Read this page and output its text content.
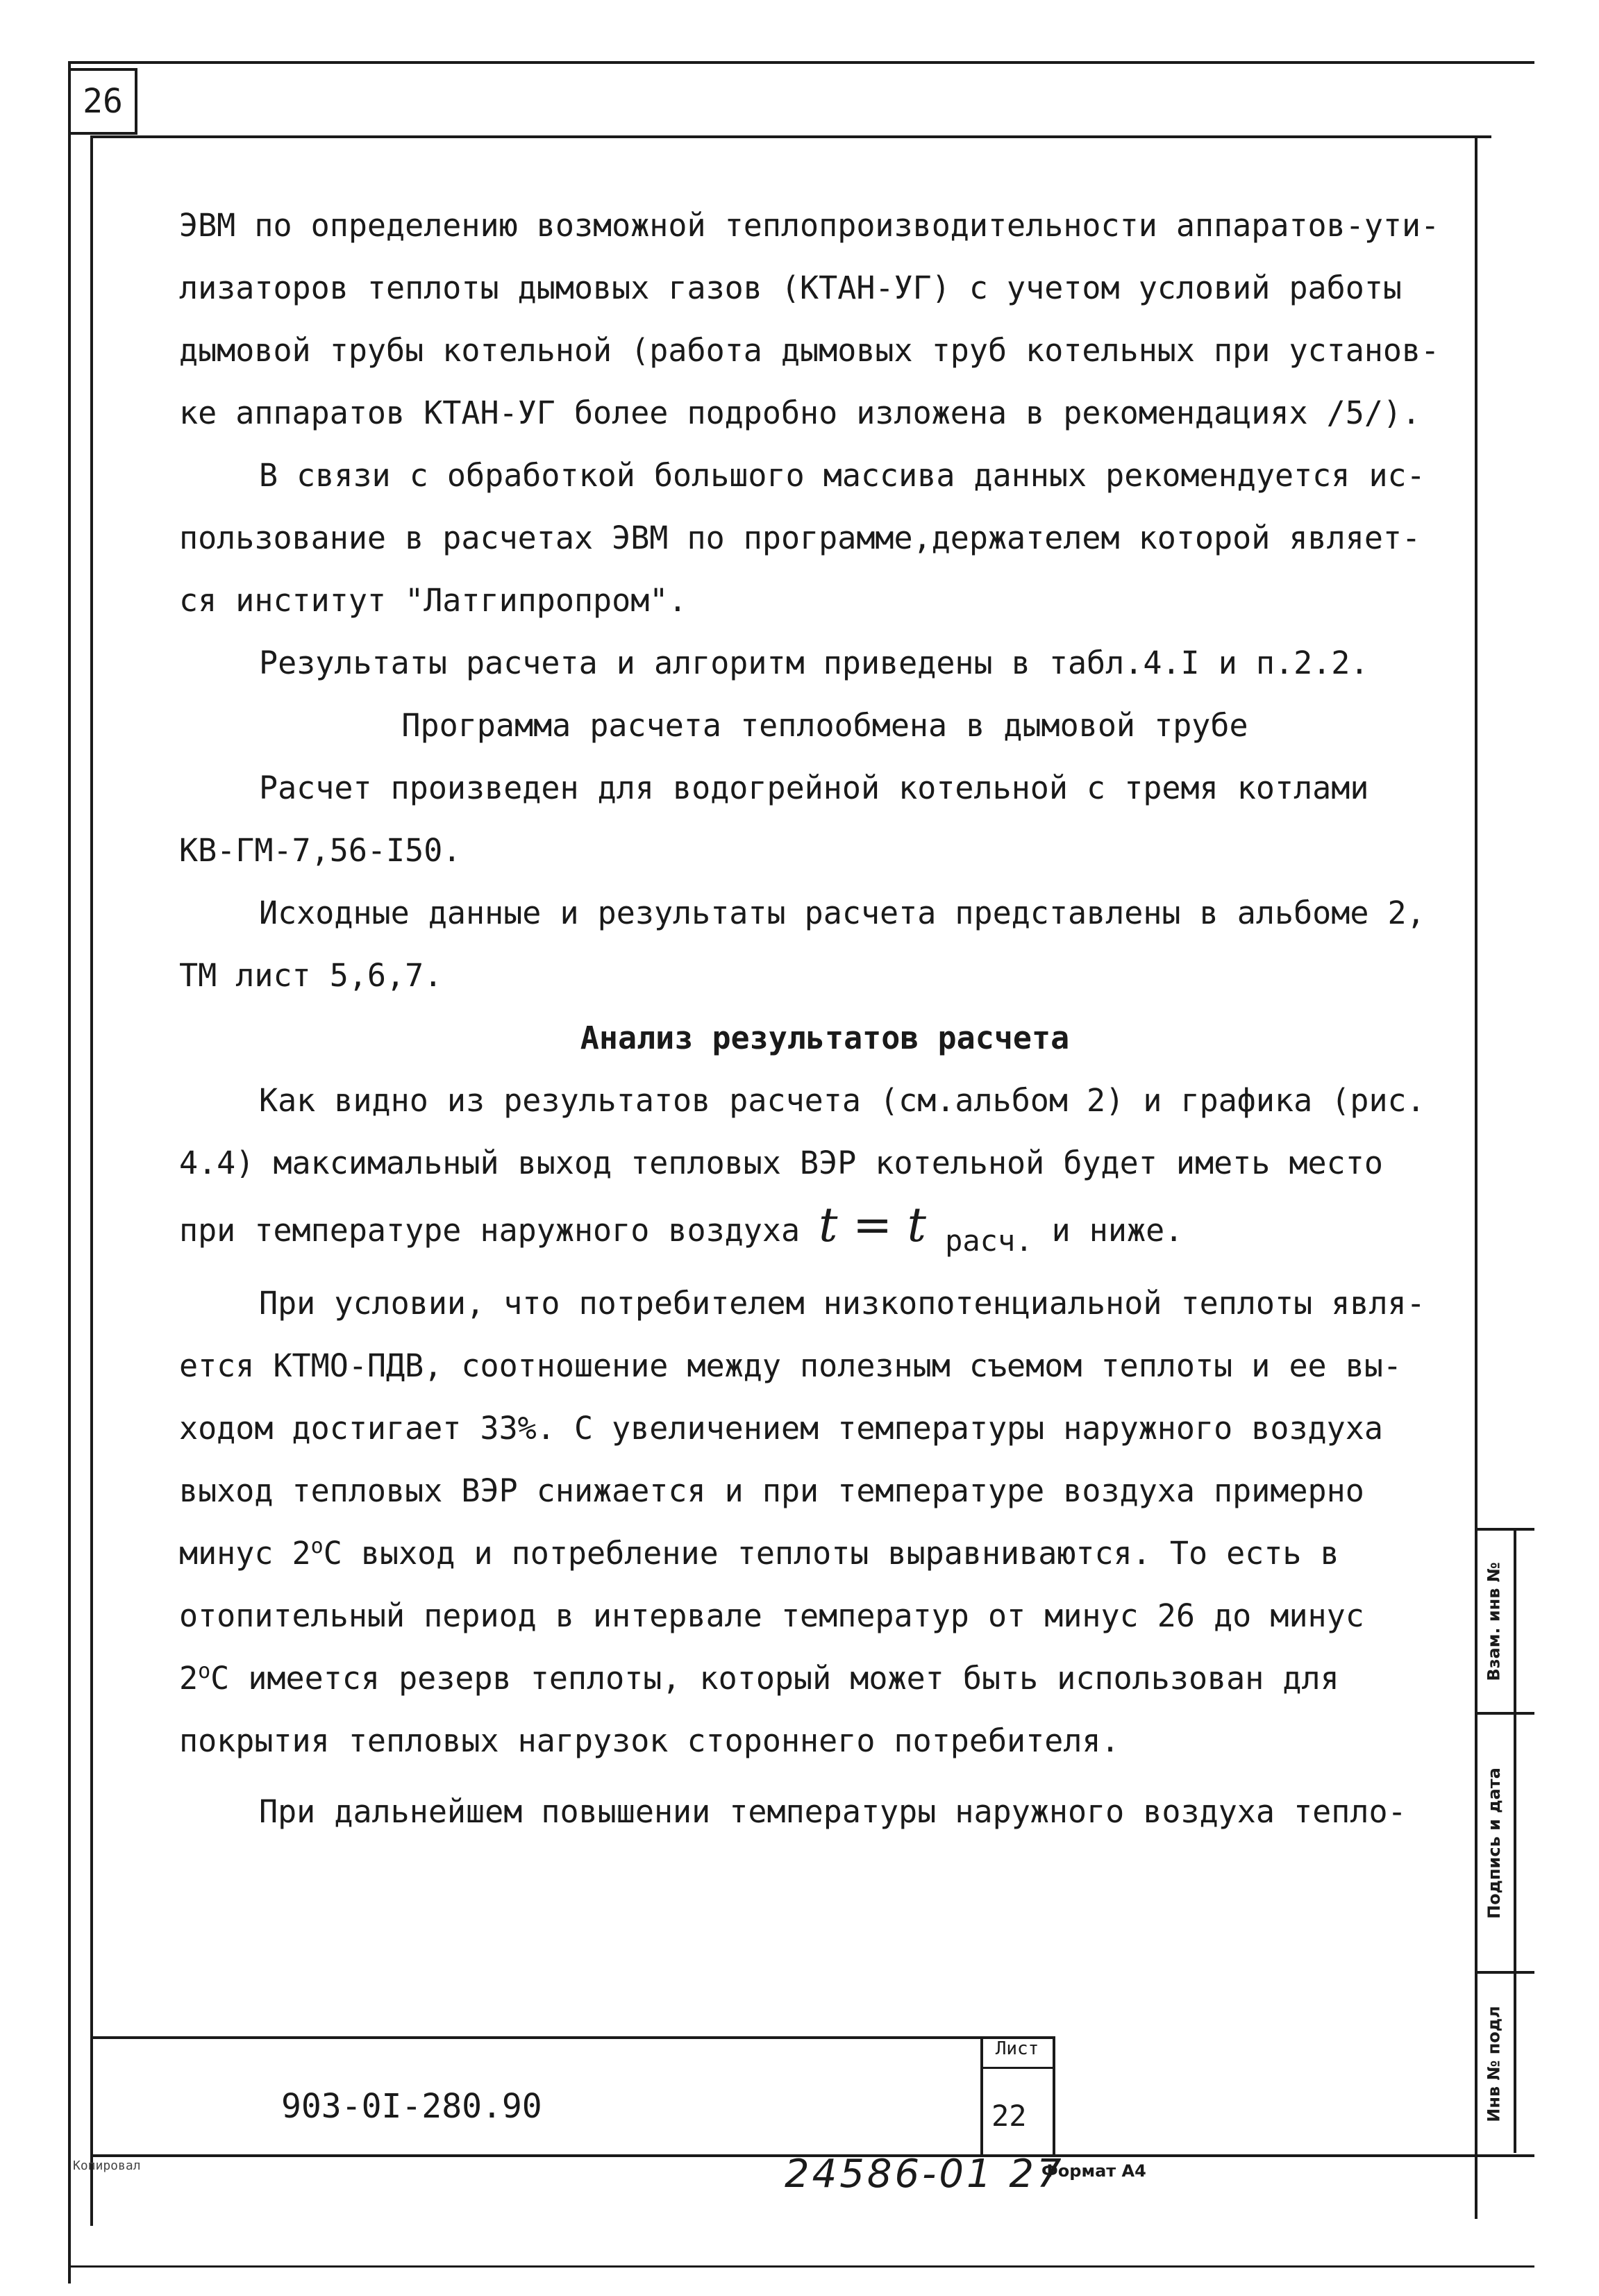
26

ЭВМ по определению возможной теплопроизводительности аппаратов-ути-

лизаторов теплоты дымовых газов (КТАН-УГ) с учетом условий работы

дымовой трубы котельной (работа дымовых труб котельных при установ-

ке аппаратов КТАН-УГ более подробно изложена в рекомендациях /5/).

В связи с обработкой большого массива данных рекомендуется ис-

пользование в расчетах ЭВМ по программе,держателем которой являет-

ся институт "Латгипропром".

Результаты расчета и алгоритм приведены в табл.4.I и п.2.2.

Программа расчета теплообмена в дымовой трубе

Расчет произведен для водогрейной котельной с тремя котлами

КВ-ГМ-7,56-I50.

Исходные данные и результаты расчета представлены в альбоме 2,

ТМ лист 5,6,7.

Анализ результатов расчета

Как видно из результатов расчета (см.альбом 2) и графика (рис.

4.4) максимальный выход тепловых ВЭР котельной будет иметь место

при температуре наружного воздуха t = t расч. и ниже.

При условии, что потребителем низкопотенциальной теплоты явля-

ется КТМО-ПДВ, соотношение между полезным съемом теплоты и ее вы-

ходом достигает 33%. С увеличением температуры наружного воздуха

выход тепловых ВЭР снижается и при температуре воздуха примерно

минус 2$^o$С выход и потребление теплоты выравниваются. То есть в

отопительный период в интервале температур от минус 26 до минус

2$^o$С имеется резерв теплоты, который может быть использован для

покрытия тепловых нагрузок стороннего потребителя.

При дальнейшем повышении температуры наружного воздуха тепло-

Взам. инв №
Подпись и дата
Инв № подл
903-0I-280.90
Лист
22
Копировал	24586-01 27
Формат А4
